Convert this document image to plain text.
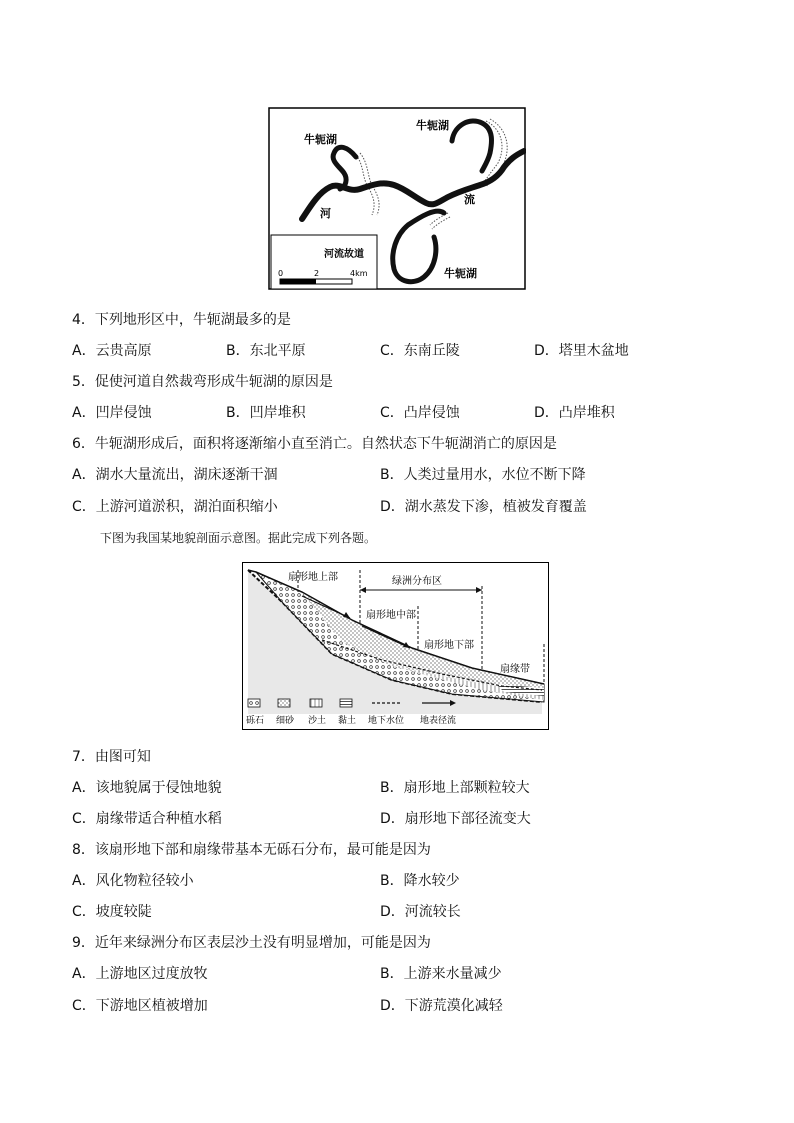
牛轭湖
牛轭湖
牛轭湖
河
流
河流故道
0	2	4km
4．下列地形区中，牛轭湖最多的是
A．云贵高原	B．东北平原	C．东南丘陵	D．塔里木盆地
5．促使河道自然裁弯形成牛轭湖的原因是
A．凹岸侵蚀	B．凹岸堆积	C．凸岸侵蚀	D．凸岸堆积
6．牛轭湖形成后，面积将逐渐缩小直至消亡。自然状态下牛轭湖消亡的原因是
A．湖水大量流出，湖床逐渐干涸	B．人类过量用水，水位不断下降
C．上游河道淤积，湖泊面积缩小	D．湖水蒸发下渗，植被发育覆盖
下图为我国某地貌剖面示意图。据此完成下列各题。
扇形地上部	绿洲分布区
扇形地中部
扇形地下部
扇缘带
砾石 细砂 沙土 黏土 地下水位 地表径流
7．由图可知
A．该地貌属于侵蚀地貌	B．扇形地上部颗粒较大
C．扇缘带适合种植水稻	D．扇形地下部径流变大
8．该扇形地下部和扇缘带基本无砾石分布，最可能是因为
A．风化物粒径较小	B．降水较少
C．坡度较陡	D．河流较长
9．近年来绿洲分布区表层沙土没有明显增加，可能是因为
A．上游地区过度放牧	B．上游来水量减少
C．下游地区植被增加	D．下游荒漠化减轻
